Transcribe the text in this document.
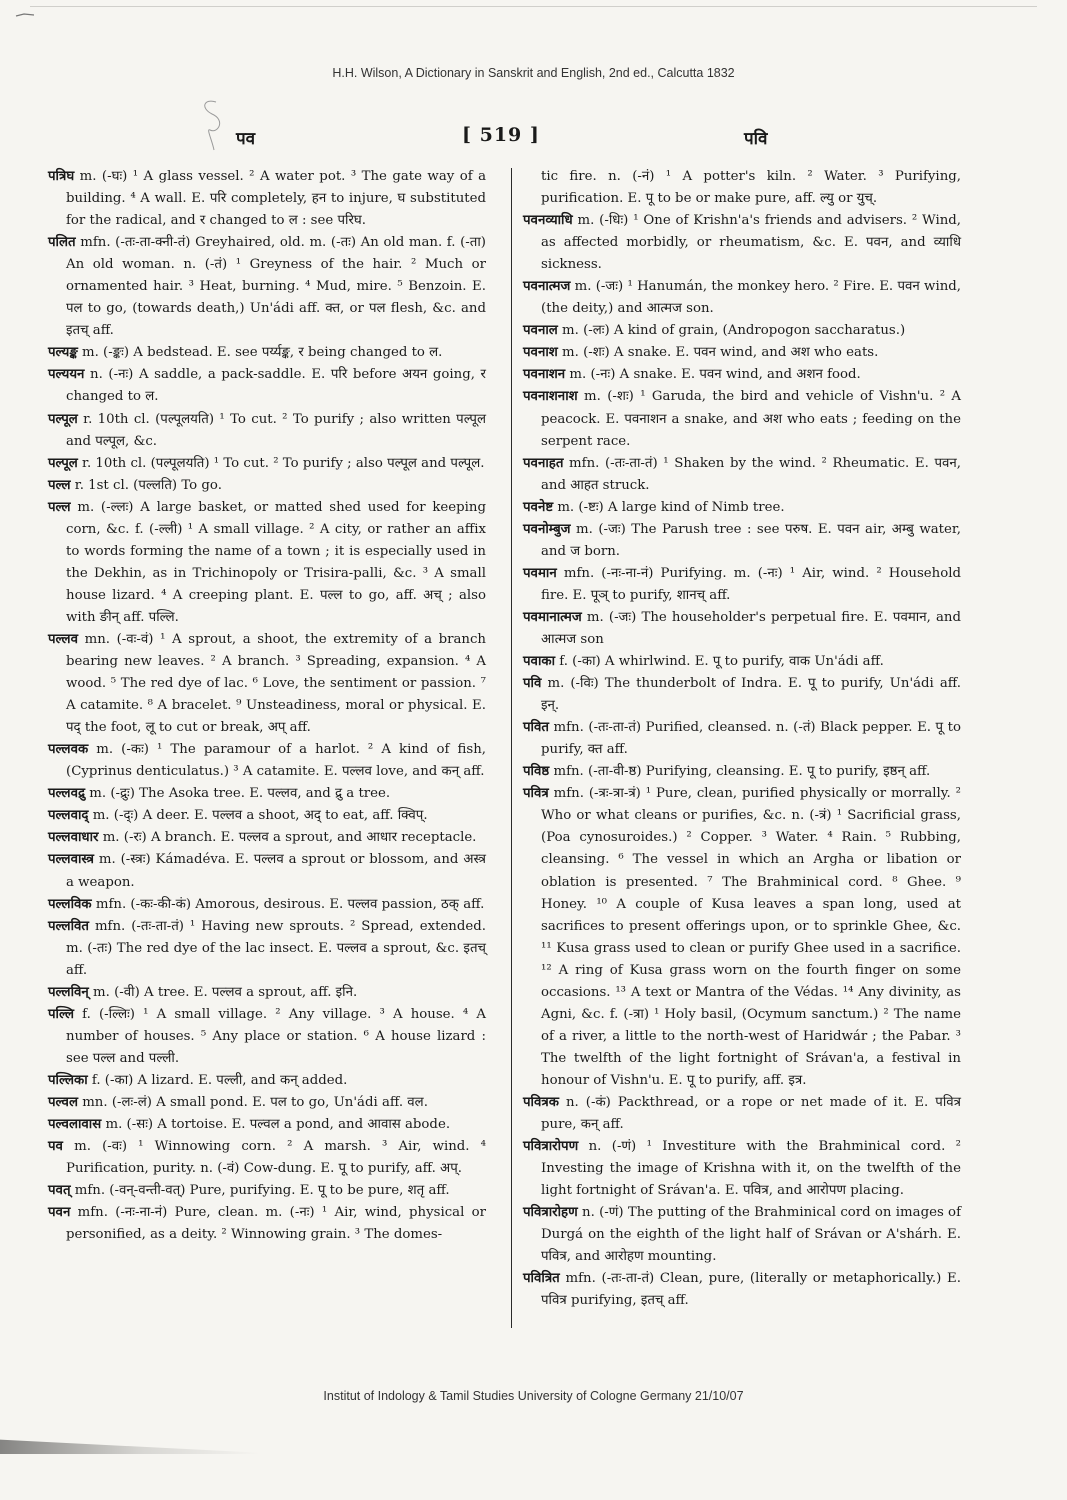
H.H. Wilson, A Dictionary in Sanskrit and English, 2nd ed., Calcutta 1832
पव	[ 519 ]	पवि

पत्रिघ m. (-घः) ¹ A glass vessel. ² A water pot. ³ The gate way of a building. ⁴ A wall. E. परि completely, हन to injure, घ substituted for the radical, and र changed to ल : see परिघ.

पलित mfn. (-तः-ता-क्नी-तं) Greyhaired, old. m. (-तः) An old man. f. (-ता) An old woman. n. (-तं) ¹ Greyness of the hair. ² Much or ornamented hair. ³ Heat, burning. ⁴ Mud, mire. ⁵ Benzoin. E. पल to go, (towards death,) Un'ádi aff. क्त, or पल flesh, &c. and इतच् aff.

पल्यङ्क m. (-ङ्कः) A bedstead. E. see पर्य्यङ्क, र being changed to ल.

पल्ययन n. (-नः) A saddle, a pack-saddle. E. परि before अयन going, र changed to ल.

पल्पूल r. 10th cl. (पल्पूलयति) ¹ To cut. ² To purify ; also written पल्पूल and पल्पूल, &c.

पल्पूल r. 10th cl. (पल्पूलयति) ¹ To cut. ² To purify ; also पल्पूल and पल्पूल.

पल्ल r. 1st cl. (पल्लति) To go.

पल्ल m. (-ल्लः) A large basket, or matted shed used for keeping corn, &c. f. (-ल्ली) ¹ A small village. ² A city, or rather an affix to words forming the name of a town ; it is especially used in the Dekhin, as in Trichinopoly or Trisira-palli, &c. ³ A small house lizard. ⁴ A creeping plant. E. पल्ल to go, aff. अच् ; also with ङीन् aff. पल्लि.

पल्लव mn. (-वः-वं) ¹ A sprout, a shoot, the extremity of a branch bearing new leaves. ² A branch. ³ Spreading, expansion. ⁴ A wood. ⁵ The red dye of lac. ⁶ Love, the sentiment or passion. ⁷ A catamite. ⁸ A bracelet. ⁹ Unsteadiness, moral or physical. E. पद् the foot, लू to cut or break, अप् aff.

पल्लवक m. (-कः) ¹ The paramour of a harlot. ² A kind of fish, (Cyprinus denticulatus.) ³ A catamite. E. पल्लव love, and कन् aff.

पल्लवद्रु m. (-द्रुः) The Asoka tree. E. पल्लव, and द्रु a tree.

पल्लवाद् m. (-द्ः) A deer. E. पल्लव a shoot, अद् to eat, aff. क्विप्.

पल्लवाधार m. (-रः) A branch. E. पल्लव a sprout, and आधार receptacle.

पल्लवास्त्र m. (-स्त्रः) Kámadéva. E. पल्लव a sprout or blossom, and अस्त्र a weapon.

पल्लविक mfn. (-कः-की-कं) Amorous, desirous. E. पल्लव passion, ठक् aff.

पल्लवित mfn. (-तः-ता-तं) ¹ Having new sprouts. ² Spread, extended. m. (-तः) The red dye of the lac insect. E. पल्लव a sprout, &c. इतच् aff.

पल्लविन् m. (-वी) A tree. E. पल्लव a sprout, aff. इनि.

पल्लि f. (-ल्लिः) ¹ A small village. ² Any village. ³ A house. ⁴ A number of houses. ⁵ Any place or station. ⁶ A house lizard : see पल्ल and पल्ली.

पल्लिका f. (-का) A lizard. E. पल्ली, and कन् added.

पल्वल mn. (-लः-लं) A small pond. E. पल to go, Un'ádi aff. वल.

पल्वलावास m. (-सः) A tortoise. E. पल्वल a pond, and आवास abode.

पव m. (-वः) ¹ Winnowing corn. ² A marsh. ³ Air, wind. ⁴ Purification, purity. n. (-वं) Cow-dung. E. पू to purify, aff. अप्.

पवत् mfn. (-वन्-वन्ती-वत्) Pure, purifying. E. पू to be pure, शतृ aff.

पवन mfn. (-नः-ना-नं) Pure, clean. m. (-नः) ¹ Air, wind, physical or personified, as a deity. ² Winnowing grain. ³ The domes-

tic fire. n. (-नं) ¹ A potter's kiln. ² Water. ³ Purifying, purification. E. पू to be or make pure, aff. ल्यु or युच्.

पवनव्याधि m. (-धिः) ¹ One of Krishn'a's friends and advisers. ² Wind, as affected morbidly, or rheumatism, &c. E. पवन, and व्याधि sickness.

पवनात्मज m. (-जः) ¹ Hanumán, the monkey hero. ² Fire. E. पवन wind, (the deity,) and आत्मज son.

पवनाल m. (-लः) A kind of grain, (Andropogon saccharatus.)

पवनाश m. (-शः) A snake. E. पवन wind, and अश who eats.

पवनाशन m. (-नः) A snake. E. पवन wind, and अशन food.

पवनाशनाश m. (-शः) ¹ Garuda, the bird and vehicle of Vishn'u. ² A peacock. E. पवनाशन a snake, and अश who eats ; feeding on the serpent race.

पवनाहत mfn. (-तः-ता-तं) ¹ Shaken by the wind. ² Rheumatic. E. पवन, and आहत struck.

पवनेष्ट m. (-ष्टः) A large kind of Nimb tree.

पवनोम्बुज m. (-जः) The Parush tree : see परुष. E. पवन air, अम्बु water, and ज born.

पवमान mfn. (-नः-ना-नं) Purifying. m. (-नः) ¹ Air, wind. ² Household fire. E. पूञ् to purify, शानच् aff.

पवमानात्मज m. (-जः) The householder's perpetual fire. E. पवमान, and आत्मज son

पवाका f. (-का) A whirlwind. E. पू to purify, वाक Un'ádi aff.

पवि m. (-विः) The thunderbolt of Indra. E. पू to purify, Un'ádi aff. इन्.

पवित mfn. (-तः-ता-तं) Purified, cleansed. n. (-तं) Black pepper. E. पू to purify, क्त aff.

पविष्ठ mfn. (-ता-वी-ष्ठ) Purifying, cleansing. E. पू to purify, इष्ठन् aff.

पवित्र mfn. (-त्रः-त्रा-त्रं) ¹ Pure, clean, purified physically or morrally. ² Who or what cleans or purifies, &c. n. (-त्रं) ¹ Sacrificial grass, (Poa cynosuroides.) ² Copper. ³ Water. ⁴ Rain. ⁵ Rubbing, cleansing. ⁶ The vessel in which an Argha or libation or oblation is presented. ⁷ The Brahminical cord. ⁸ Ghee. ⁹ Honey. ¹⁰ A couple of Kusa leaves a span long, used at sacrifices to present offerings upon, or to sprinkle Ghee, &c. ¹¹ Kusa grass used to clean or purify Ghee used in a sacrifice. ¹² A ring of Kusa grass worn on the fourth finger on some occasions. ¹³ A text or Mantra of the Védas. ¹⁴ Any divinity, as Agni, &c. f. (-त्रा) ¹ Holy basil, (Ocymum sanctum.) ² The name of a river, a little to the north-west of Haridwár ; the Pabar. ³ The twelfth of the light fortnight of Srávan'a, a festival in honour of Vishn'u. E. पू to purify, aff. इत्र.

पवित्रक n. (-कं) Packthread, or a rope or net made of it. E. पवित्र pure, कन् aff.

पवित्रारोपण n. (-णं) ¹ Investiture with the Brahminical cord. ² Investing the image of Krishna with it, on the twelfth of the light fortnight of Srávan'a. E. पवित्र, and आरोपण placing.

पवित्रारोहण n. (-णं) The putting of the Brahminical cord on images of Durgá on the eighth of the light half of Srávan or A'shárh. E. पवित्र, and आरोहण mounting.

पवित्रित mfn. (-तः-ता-तं) Clean, pure, (literally or metaphorically.) E. पवित्र purifying, इतच् aff.

Institut of Indology & Tamil Studies University of Cologne Germany 21/10/07
